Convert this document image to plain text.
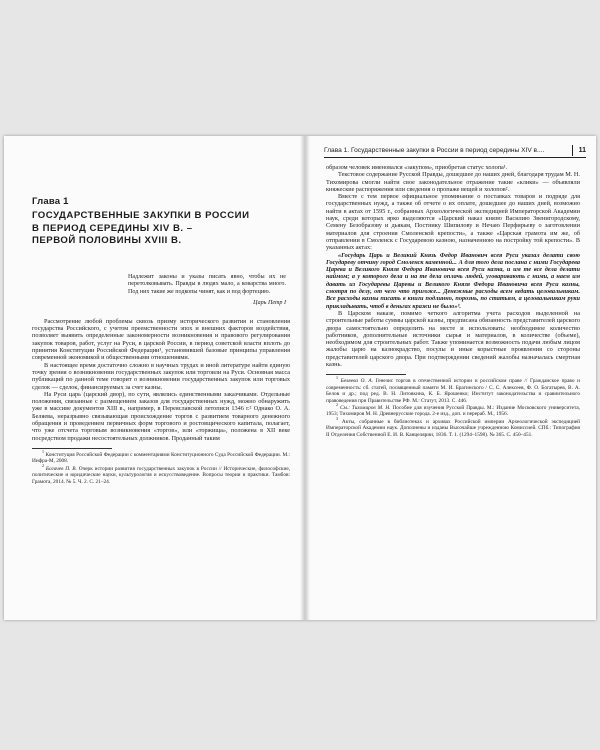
Глава 1

ГОСУДАРСТВЕННЫЕ ЗАКУПКИ В РОССИИ

В ПЕРИОД СЕРЕДИНЫ XIV В. –

ПЕРВОЙ ПОЛОВИНЫ XVIII В.

Надлежит законы и указы писать явно, чтобы их не перетолковывать. Правды в людях мало, а коварства много. Под них такие же подкопы чинят, как и под фортецию.

Царь Петр I

Рассмотрение любой проблемы сквозь призму исторического развития и становления государства Российского, с учетом преемственности эпох и внешних факторов воздействия, позволяет выявить определенные закономерности возникновения и правового регулирования закупок товаров, работ, услуг на Руси, в царской России, в период советской власти вплоть до принятия Конституции Российской Федерации¹, установившей базовые принципы управления современной экономикой и общественными отношениями.

В настоящее время достаточно сложно в научных трудах и иной литературе найти единую точку зрения о возникновении государственных закупок или торговли на Руси. Основная масса публикаций по данной теме говорит о возникновении государственных закупок или торговых сделок — сделок, финансируемых за счет казны.

На Руси царь (царский двор), по сути, являлись единственными заказчиками. Отдельные положения, связанные с размещением заказов для государственных нужд, можно обнаружить уже в массиве документов XIII в., например, в Переяславской летописи 1346 г.² Однако О. А. Беляева, неразрывно связывающая происхождение торгов с развитием товарного денежного обращения и проведением первичных форм торгового и ростовщического капитала, полагает, что уже отсчета торговым возникновения «торгов», или «торжища», положена в XII веке посредством продажи несостоятельных должников. Проданный таким

$^1$ Конституция Российской Федерации с комментариями Конституционного Суда Российской Федерации. М.: Инфра-М, 2008.

$^2$ Богачев П. В. Очерк истории развития государственных закупок в России // Исторические, философские, политические и юридические науки, культурология и искусствоведение. Вопросы теории и практики. Тамбов: Грамота, 2014. № 5. Ч. 2. С. 21–24.

Глава 1. Государственные закупки в России в период середины XIV в....	11

образом человек именовался «закупом», приобретая статус холопа¹.

Текстовое содержание Русской Правды, дошедшее до наших дней, благодаря трудам М. Н. Тихомирова смогли найти свое законодательное отражение такие «клики» — объявляли княжеские распоряжения или сведения о пропаже вещей и холопов².

Вместе с тем первое официальное упоминание о поставках товаров и подряде для государственных нужд, а также об отчете о их оплате, дошедшее до наших дней, возможно найти в актах от 1595 г., собранных Археологической экспедицией Императорской Академии наук, среди которых ярко выделяются «Царский наказ князю Василию Звенигородскому, Семену Безобразову и дьякам, Постнику Шипилову и Нечаю Перфирьеву о заготовлении материалов для строения Смоленской крепости», а также «Царская грамота им же, об отправлении в Смоленск с Государевою казною, назначенною на постройку той крепости». В указанных актах:

«Государь Царь и Великий Князь Федор Иванович всея Руси указал делати свою Государеву отчину город Смоленск каменной... А для того дела послана с ними Государева Царева и Великого Князя Федора Ивановича всея Руси казна, и им те все дела делати наймом; а у которого дела и на те дела оплачь людей, уговаривають с ними, а наем им давать из Государевы Царевы и Великого Князя Федора Ивановича всея Руси казны, смотря по делу, от чего что пригоже... Денежные расходы всем ведать целовальникам. Все расходы казны писать в книги подлинно, порознь, по статьям, а целовальникам руки прикладывать, чтоб в деньгах кражи не было»³.

В Царском наказе, помимо четкого алгоритма учета расходов выделенной на строительные работы суммы царской казны, предписана обязанность представителей царского двора самостоятельно определить на месте и использовать: необходимое количество работников, дополнительные источники сырья и материалов, в количестве (объеме), необходимом для строительных работ. Также упоминается возможность подачи любым лицом жалобы царю на казнокрадство, посулы и иные корыстные проявления со стороны представителей царского двора. При подтверждении сведений жалобы назначалась смертная казнь.

$^1$ Беляева О. А. Генезис торгов в отечественной истории и российском праве // Гражданское право и современность: сб. статей, посвященный памяти М. И. Брагинского / С. С. Алексеев, Ф. О. Богатырев, В. А. Белов и др.; под ред. В. Н. Литовкина, К. Б. Ярошенко; Институт законодательства и сравнительного правоведения при Правительстве РФ. М.: Статут, 2013. С. 446.

$^2$ См.: Тихомиров М. Н. Пособие для изучения Русской Правды. М.: Издание Московского университета, 1953; Тихомиров М. Н. Древнерусские города. 2-е изд., доп. и перераб. М., 1956.

$^3$ Акты, собранные в библиотеках и архивах Российской империи Археологической экспедицией Императорской Академии наук. Дополнены и изданы Высочайше учрежденною Комиссией. СПб.: Типография II Отделения Собственной Е. И. В. Канцелярии, 1836. Т. 1. (1294–1598). № 365. С. 450–451.
